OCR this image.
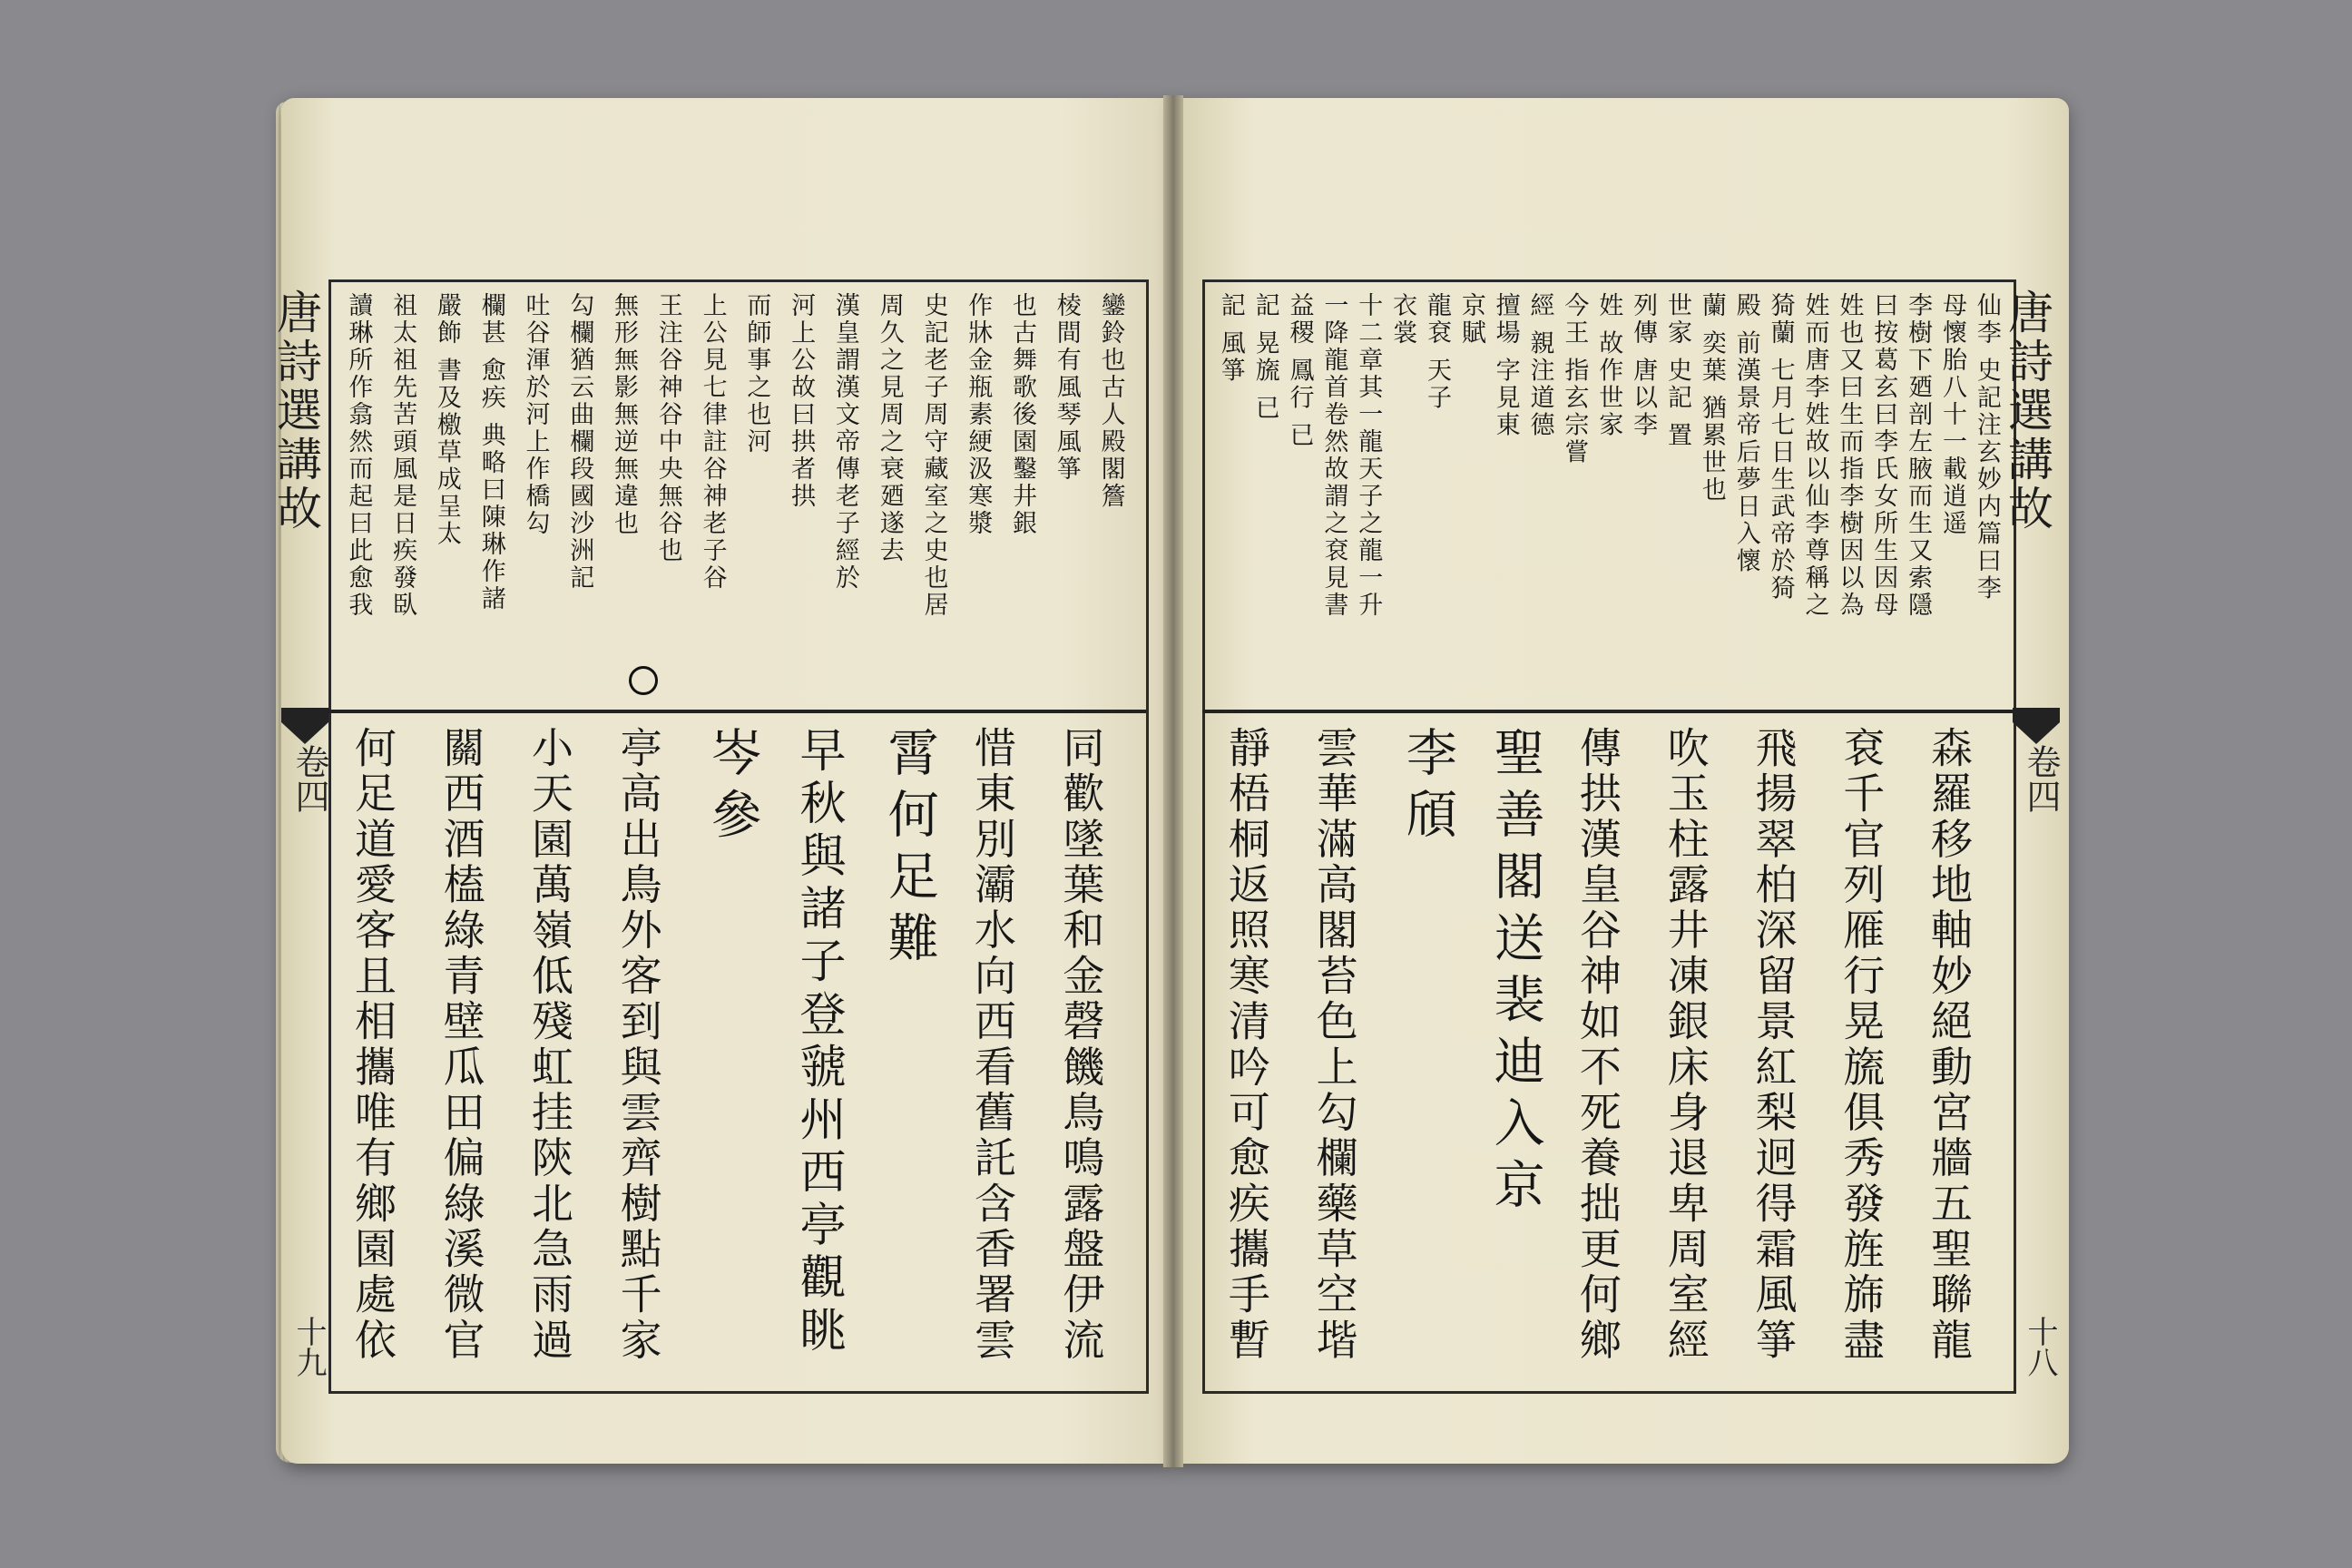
唐詩選講故
卷四
十九
鑾鈴也古人殿閣簷
棱間有風琴風箏
也古舞歌後園鑿井銀
作牀金瓶素綆汲寒漿
史記老子周守藏室之史也居
周久之見周之衰廼遂去
漢皇謂漢文帝傳老子經於
河上公故曰拱者拱
而師事之也河
上公見七律註谷神老子谷
王注谷神谷中央無谷也
無形無影無逆無違也
勾欄猶云曲欄段國沙洲記
吐谷渾於河上作橋勾
欄甚 愈疾 典略曰陳琳作諸
嚴飾 書及檄草成呈太
祖太祖先苦頭風是日疾發臥
讀琳所作翕然而起曰此愈我
同歡墜葉和金磬饑鳥鳴露盤伊流
惜東別灞水向西看舊託含香署雲
霄何足難
早秋與諸子登虢州西亭觀眺
岑參
亭高出鳥外客到與雲齊樹點千家
小天園萬嶺低殘虹挂陝北急雨過
關西酒榼綠青壁瓜田偏綠溪微官
何足道愛客且相攜唯有鄉園處依
唐詩選講故
卷四
十八
仙李 史記注玄妙内篇曰李
母懷胎八十一載逍遥
李樹下廼剖左腋而生又索隱
曰按葛玄曰李氏女所生因母
姓也又曰生而指李樹因以為
姓而唐李姓故以仙李尊稱之
猗蘭 七月七日生武帝於猗
殿 前漢景帝后夢日入懷
蘭 奕葉 猶累世也
世家 史記 置
列傳 唐以李
姓 故作世家
今王 指玄宗嘗
經 親注道德
擅場 字見東
京賦
龍袞 天子
衣裳
十二章其一龍天子之龍一升
一降龍首卷然故謂之袞見書
益稷 鳳行 已
記 晃旒 已
記 風箏
森羅移地軸妙絕動宮牆五聖聯龍
袞千官列雁行晃旒俱秀發旌旆盡
飛揚翠柏深留景紅梨迥得霜風箏
吹玉柱露井凍銀床身退卑周室經
傳拱漢皇谷神如不死養拙更何鄉
聖善閣送裴迪入京
李頎
雲華滿高閣苔色上勾欄藥草空堦
靜梧桐返照寒清吟可愈疾攜手暫
